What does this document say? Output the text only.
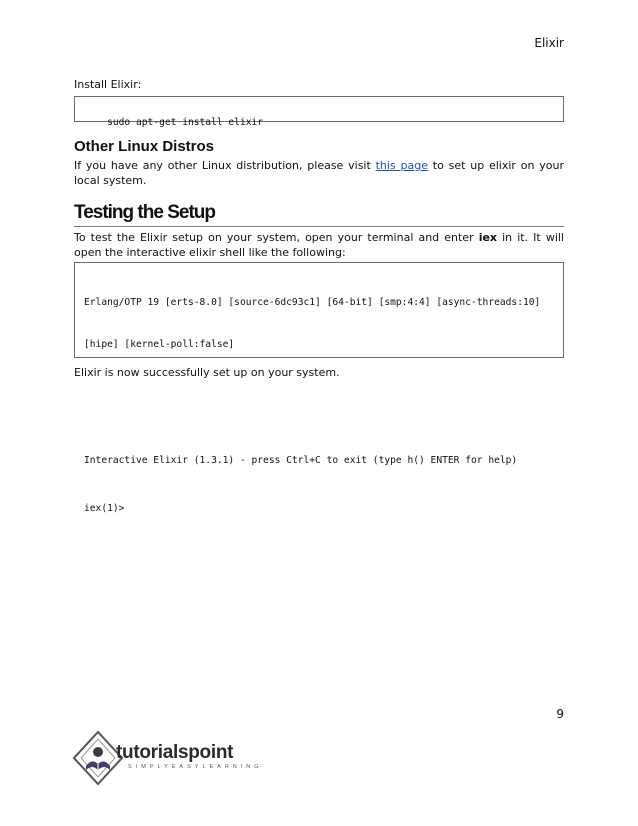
Elixir
Install Elixir:

sudo apt-get install elixir

Other Linux Distros
If you have any other Linux distribution, please visit this page to set up elixir on your local system.
Testing the Setup
To test the Elixir setup on your system, open your terminal and enter iex in it. It will open the interactive elixir shell like the following:

Erlang/OTP 19 [erts-8.0] [source-6dc93c1] [64-bit] [smp:4:4] [async-threads:10]

[hipe] [kernel-poll:false]

Interactive Elixir (1.3.1) - press Ctrl+C to exit (type h() ENTER for help)

iex(1)>

Elixir is now successfully set up on your system.
9
tutorialspoint
SIMPLYEASYLEARNING
